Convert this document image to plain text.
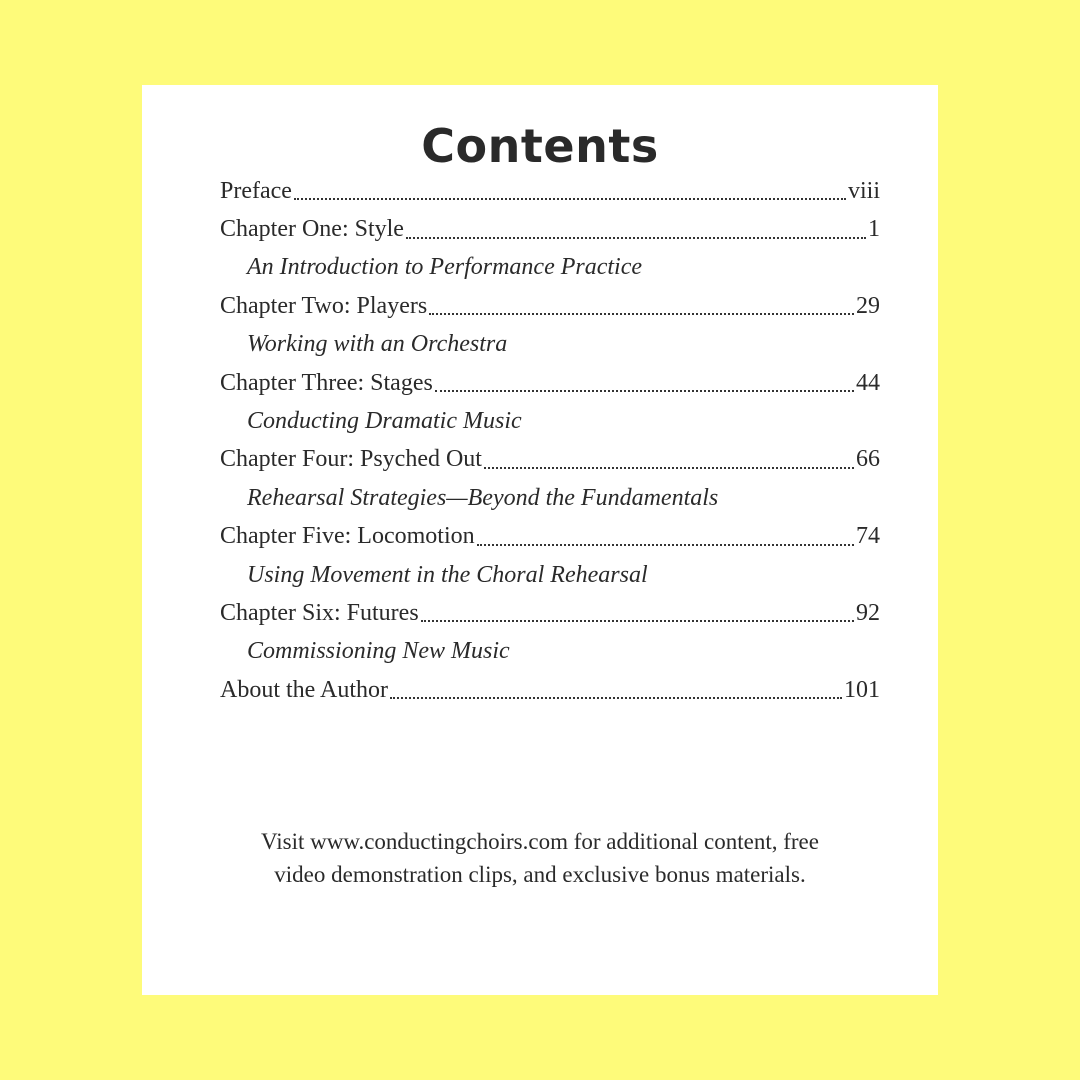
Contents
Preface	viii
Chapter One: Style	1
An Introduction to Performance Practice
Chapter Two: Players	29
Working with an Orchestra
Chapter Three: Stages	44
Conducting Dramatic Music
Chapter Four: Psyched Out	66
Rehearsal Strategies—Beyond the Fundamentals
Chapter Five: Locomotion	74
Using Movement in the Choral Rehearsal
Chapter Six: Futures	92
Commissioning New Music
About the Author	101
Visit www.conductingchoirs.com for additional content, free
video demonstration clips, and exclusive bonus materials.
